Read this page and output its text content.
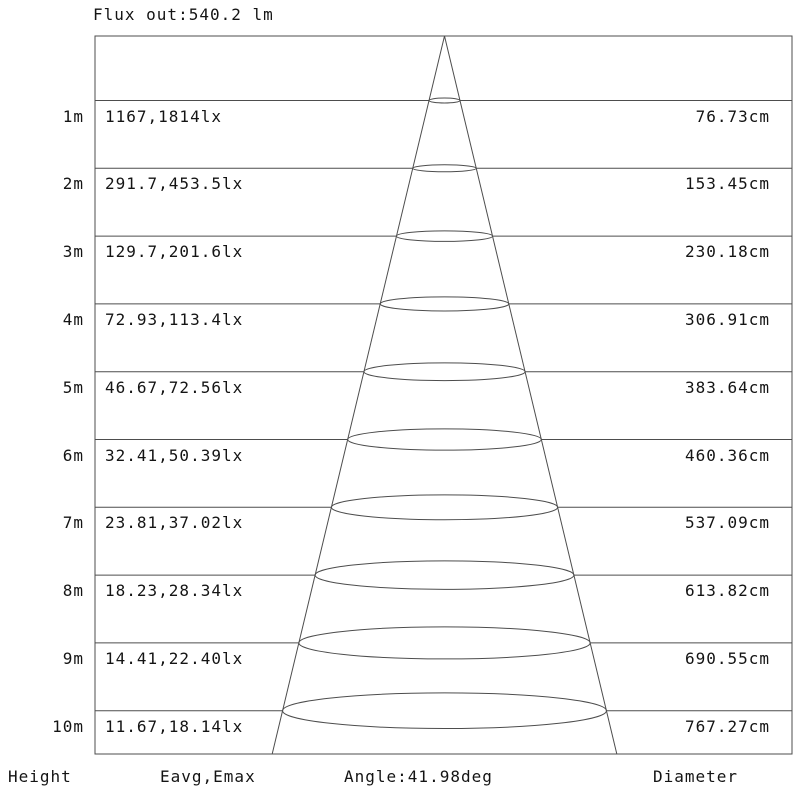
Flux out:540.2 lm
1m 1167,1814lx	76.73cm
2m 291.7,453.5lx	153.45cm
3m 129.7,201.6lx	230.18cm
4m 72.93,113.4lx	306.91cm
5m 46.67,72.56lx	383.64cm
6m 32.41,50.39lx	460.36cm
7m 23.81,37.02lx	537.09cm
8m 18.23,28.34lx	613.82cm
9m 14.41,22.40lx	690.55cm
10m 11.67,18.14lx	767.27cm
Height	Eavg,Emax	Angle:41.98deg	Diameter
